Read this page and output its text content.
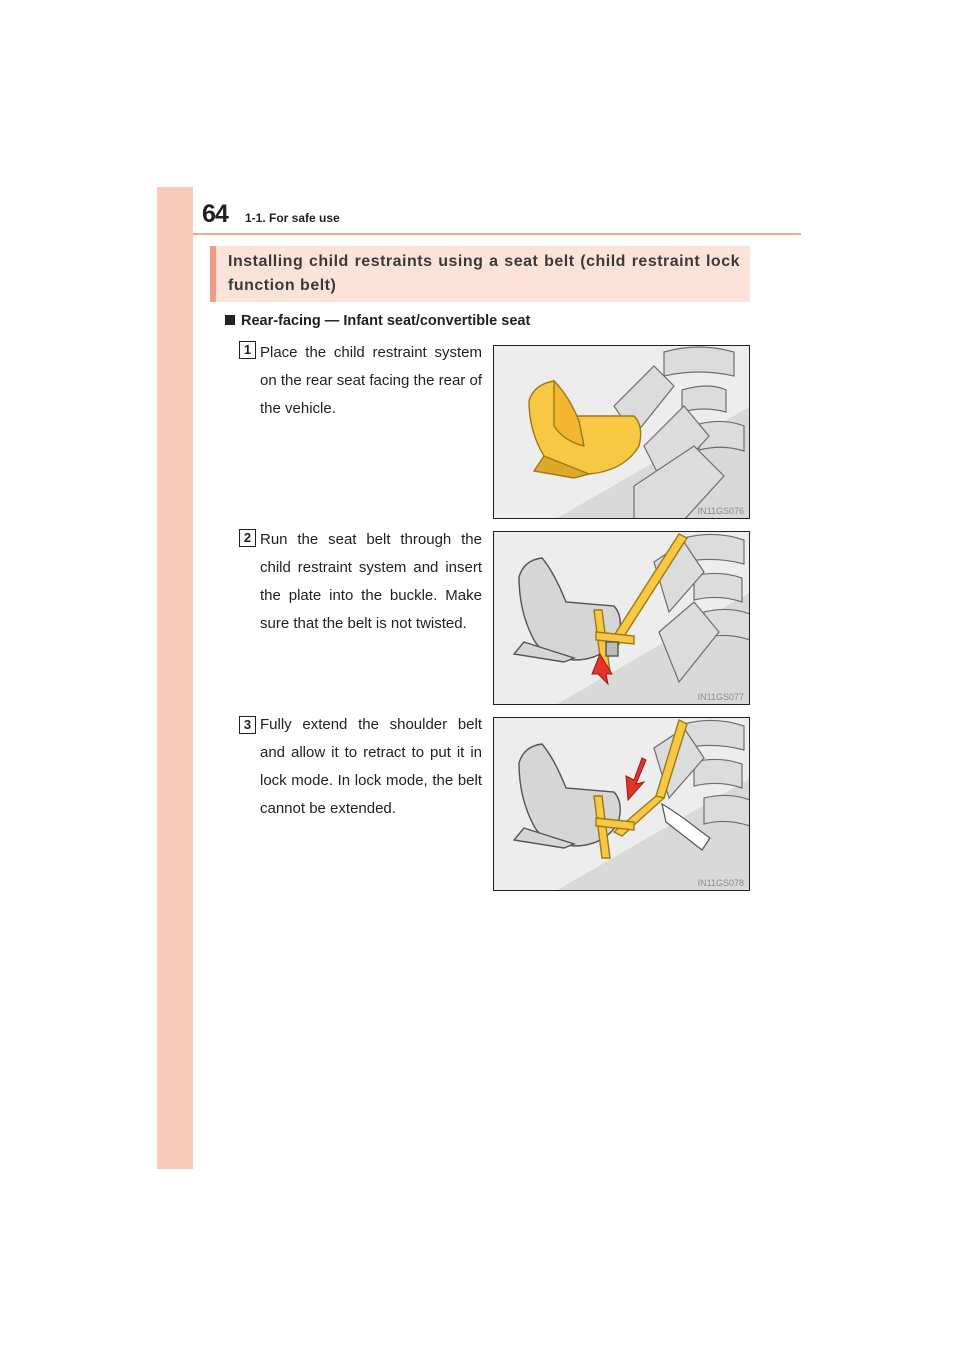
64 1-1. For safe use
Installing child restraints using a seat belt (child restraint lock function belt)
Rear-facing — Infant seat/convertible seat
1 Place the child restraint system on the rear seat facing the rear of the vehicle.
IN11GS076
2 Run the seat belt through the child restraint system and insert the plate into the buckle. Make sure that the belt is not twisted.
IN11GS077
3 Fully extend the shoulder belt and allow it to retract to put it in lock mode. In lock mode, the belt cannot be extended.
IN11GS078
